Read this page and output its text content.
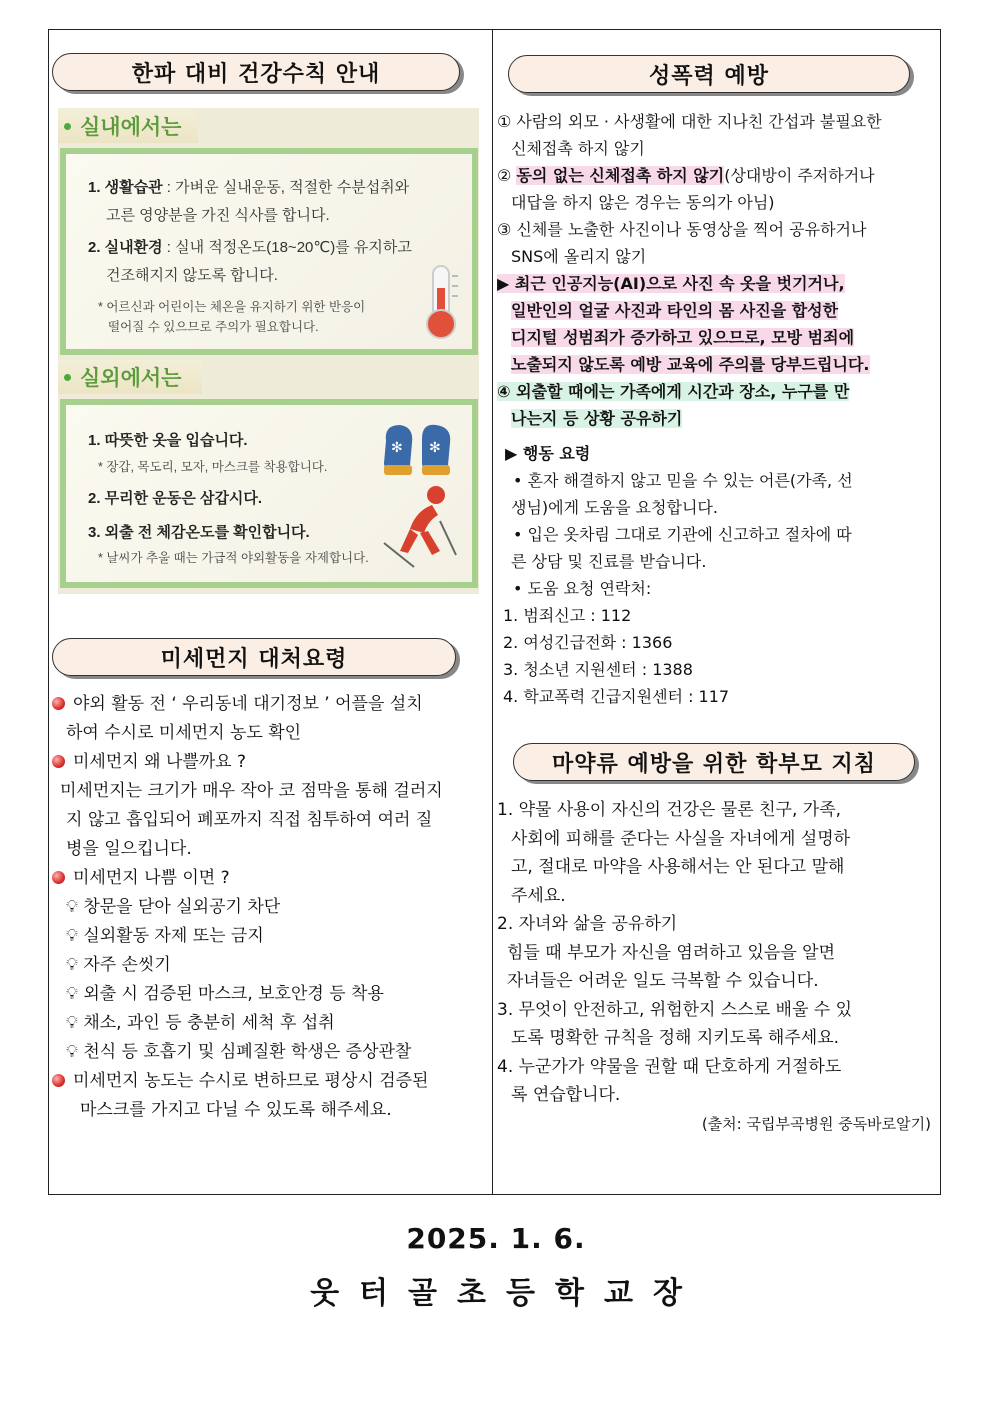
한파 대비 건강수칙 안내
실내에서는
1. 생활습관 : 가벼운 실내운동, 적절한 수분섭취와
고른 영양분을 가진 식사를 합니다.
2. 실내환경 : 실내 적정온도(18~20℃)를 유지하고
건조해지지 않도록 합니다.
* 어르신과 어린이는 체온을 유지하기 위한 반응이
떨어질 수 있으므로 주의가 필요합니다.
실외에서는
1. 따뜻한 옷을 입습니다.
* 장갑, 목도리, 모자, 마스크를 착용합니다.
2. 무리한 운동은 삼갑시다.
3. 외출 전 체감온도를 확인합니다.
* 날씨가 추울 때는 가급적 야외활동을 자제합니다.
✻ ✻
미세먼지 대처요령
야외 활동 전 ‘ 우리동네 대기정보 ’ 어플을 설치
하여 수시로 미세먼지 농도 확인
미세먼지 왜 나쁠까요 ?
미세먼지는 크기가 매우 작아 코 점막을 통해 걸러지
지 않고 흡입되어 폐포까지 직접 침투하여 여러 질
병을 일으킵니다.
미세먼지 나쁨 이면 ?
💡︎ 창문을 닫아 실외공기 차단
💡︎ 실외활동 자제 또는 금지
💡︎ 자주 손씻기
💡︎ 외출 시 검증된 마스크, 보호안경 등 착용
💡︎ 채소, 과인 등 충분히 세척 후 섭취
💡︎ 천식 등 호흡기 및 심폐질환 학생은 증상관찰
미세먼지 농도는 수시로 변하므로 평상시 검증된
마스크를 가지고 다닐 수 있도록 해주세요.
성폭력 예방
① 사람의 외모 · 사생활에 대한 지나친 간섭과 불필요한
신체접촉 하지 않기
② 동의 없는 신체접촉 하지 않기(상대방이 주저하거나
대답을 하지 않은 경우는 동의가 아님)
③ 신체를 노출한 사진이나 동영상을 찍어 공유하거나
SNS에 올리지 않기
▶ 최근 인공지능(AI)으로 사진 속 옷을 벗기거나,
일반인의 얼굴 사진과 타인의 몸 사진을 합성한
디지털 성범죄가 증가하고 있으므로, 모방 범죄에
노출되지 않도록 예방 교육에 주의를 당부드립니다.
④ 외출할 때에는 가족에게 시간과 장소, 누구를 만
나는지 등 상황 공유하기
▶ 행동 요령
• 혼자 해결하지 않고 믿을 수 있는 어른(가족, 선
생님)에게 도움을 요청합니다.
• 입은 옷차림 그대로 기관에 신고하고 절차에 따
른 상담 및 진료를 받습니다.
• 도움 요청 연락처:
1. 범죄신고 : 112
2. 여성긴급전화 : 1366
3. 청소년 지원센터 : 1388
4. 학교폭력 긴급지원센터 : 117
마약류 예방을 위한 학부모 지침
1. 약물 사용이 자신의 건강은 물론 친구, 가족,
사회에 피해를 준다는 사실을 자녀에게 설명하
고, 절대로 마약을 사용해서는 안 된다고 말해
주세요.
2. 자녀와 삶을 공유하기
힘들 때 부모가 자신을 염려하고 있음을 알면
자녀들은 어려운 일도 극복할 수 있습니다.
3. 무엇이 안전하고, 위험한지 스스로 배울 수 있
도록 명확한 규칙을 정해 지키도록 해주세요.
4. 누군가가 약물을 권할 때 단호하게 거절하도
록 연습합니다.
(출처: 국립부곡병원 중독바로알기)
2025. 1. 6.
웃터골초등학교장
